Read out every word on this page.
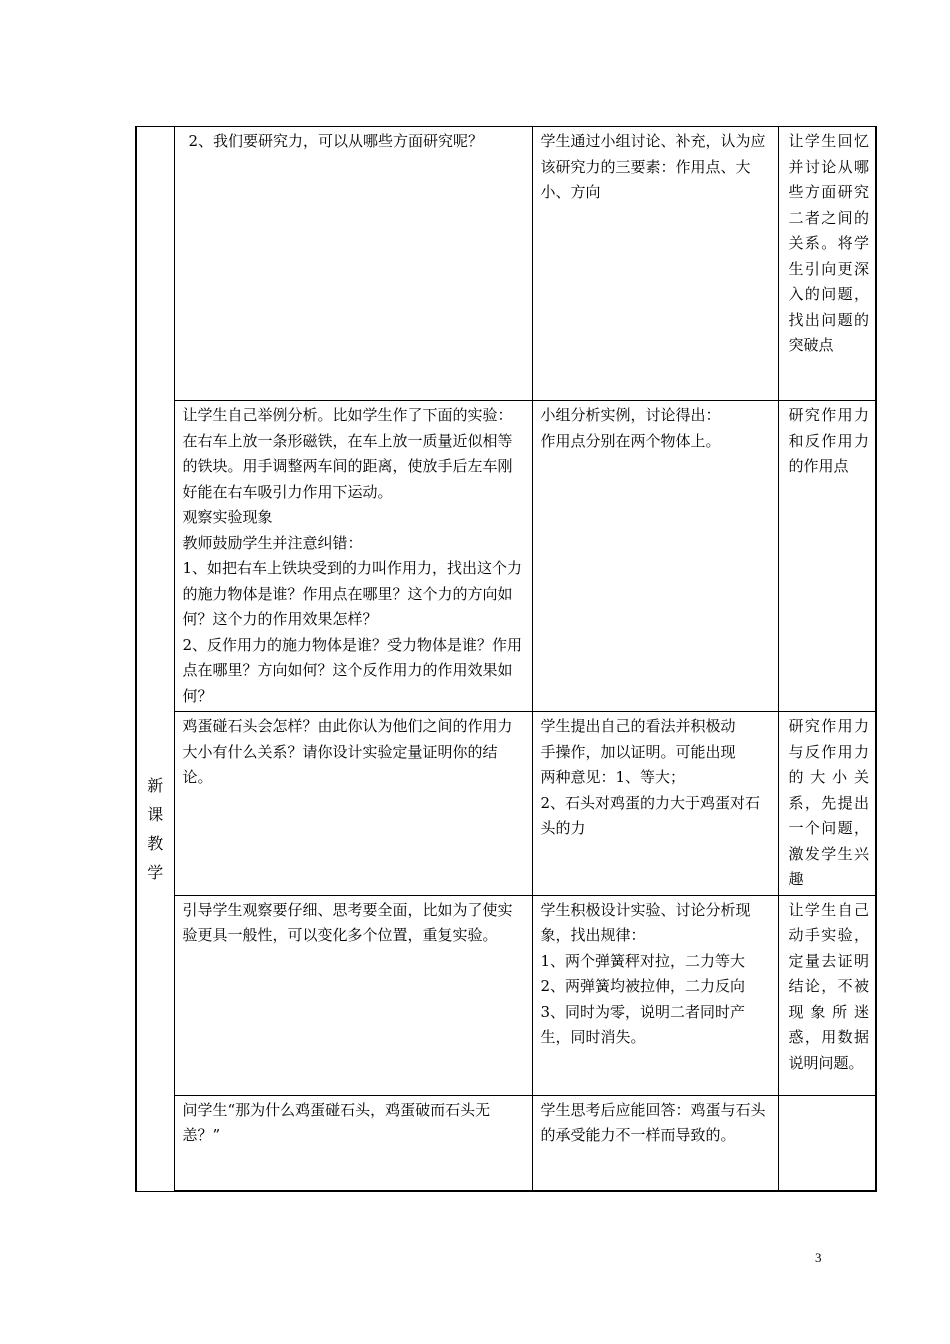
新
课
教
学	2、我们要研究力，可以从哪些方面研究呢？	学生通过小组讨论、补充，认为应该研究力的三要素：作用点、大小、方向	让学生回忆并讨论从哪些方面研究二者之间的关系。将学生引向更深入的问题，找出问题的突破点

	让学生自己举例分析。比如学生作了下面的实验：在右车上放一条形磁铁，在车上放一质量近似相等的铁块。用手调整两车间的距离，使放手后左车刚好能在右车吸引力作用下运动。
观察实验现象
教师鼓励学生并注意纠错：
1、如把右车上铁块受到的力叫作用力，找出这个力的施力物体是谁？作用点在哪里？这个力的方向如何？这个力的作用效果怎样？
2、反作用力的施力物体是谁？受力物体是谁？作用点在哪里？方向如何？这个反作用力的作用效果如何？	小组分析实例，讨论得出：
作用点分别在两个物体上。	研究作用力和反作用力的作用点

	鸡蛋碰石头会怎样？由此你认为他们之间的作用力大小有什么关系？请你设计实验定量证明你的结论。	学生提出自己的看法并积极动
手操作，加以证明。可能出现
两种意见：1、等大；
2、石头对鸡蛋的力大于鸡蛋对石头的力	研究作用力与反作用力的大小关系，先提出一个问题，激发学生兴趣

	引导学生观察要仔细、思考要全面，比如为了使实验更具一般性，可以变化多个位置，重复实验。	学生积极设计实验、讨论分析现象，找出规律：
1、两个弹簧秤对拉，二力等大
2、两弹簧均被拉伸，二力反向
3、同时为零，说明二者同时产生，同时消失。	让学生自己动手实验，定量去证明结论，不被现象所迷惑，用数据说明问题。

	问学生“那为什么鸡蛋碰石头，鸡蛋破而石头无恙？”	学生思考后应能回答：鸡蛋与石头的承受能力不一样而导致的。	

3
